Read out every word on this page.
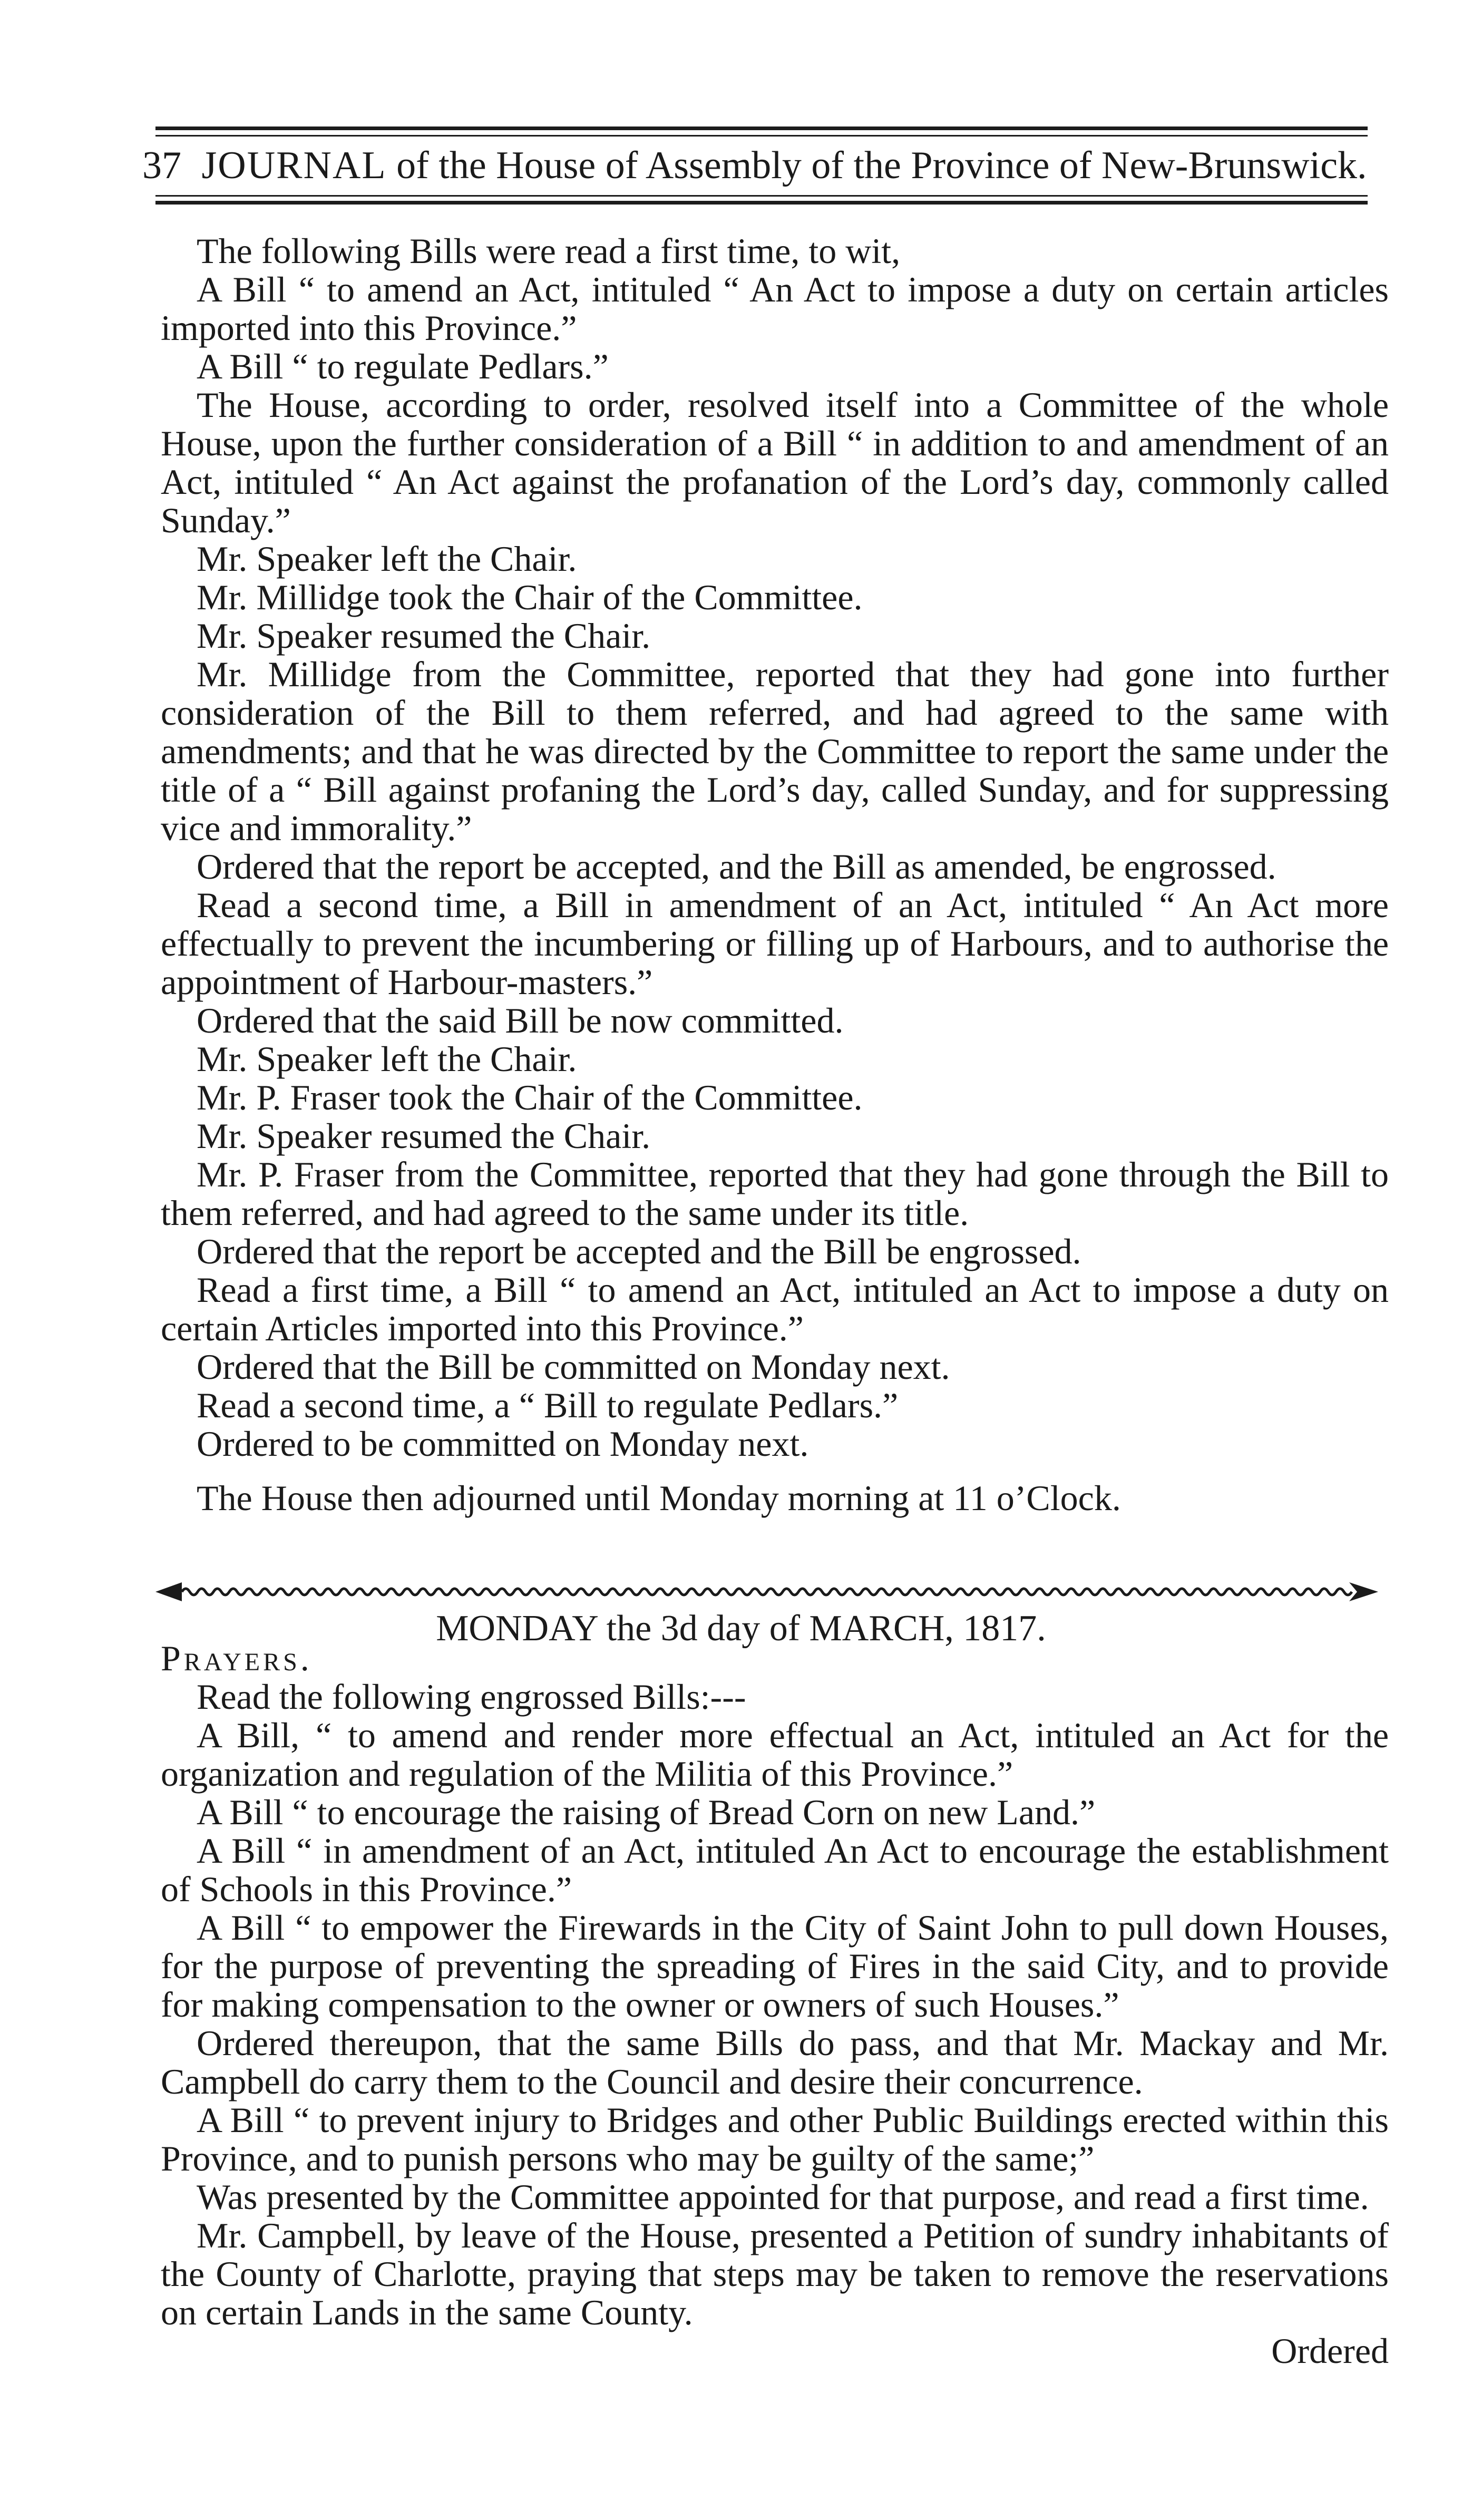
37 JOURNAL of the House of Assembly of the Province of New-Brunswick.

The following Bills were read a first time, to wit,

A Bill “ to amend an Act, intituled “ An Act to impose a duty on certain articles imported into this Province.”

A Bill “ to regulate Pedlars.”

The House, according to order, resolved itself into a Committee of the whole House, upon the further consideration of a Bill “ in addition to and amendment of an Act, intituled “ An Act against the profanation of the Lord’s day, commonly called Sunday.”

Mr. Speaker left the Chair.

Mr. Millidge took the Chair of the Committee.

Mr. Speaker resumed the Chair.

Mr. Millidge from the Committee, reported that they had gone into further consideration of the Bill to them referred, and had agreed to the same with amendments; and that he was directed by the Committee to report the same under the title of a “ Bill against profaning the Lord’s day, called Sunday, and for suppressing vice and immorality.”

Ordered that the report be accepted, and the Bill as amended, be engrossed.

Read a second time, a Bill in amendment of an Act, intituled “ An Act more effectually to prevent the incumbering or filling up of Harbours, and to authorise the appointment of Harbour-masters.”

Ordered that the said Bill be now committed.

Mr. Speaker left the Chair.

Mr. P. Fraser took the Chair of the Committee.

Mr. Speaker resumed the Chair.

Mr. P. Fraser from the Committee, reported that they had gone through the Bill to them referred, and had agreed to the same under its title.

Ordered that the report be accepted and the Bill be engrossed.

Read a first time, a Bill “ to amend an Act, intituled an Act to impose a duty on certain Articles imported into this Province.”

Ordered that the Bill be committed on Monday next.

Read a second time, a “ Bill to regulate Pedlars.”

Ordered to be committed on Monday next.

The House then adjourned until Monday morning at 11 o’Clock.

MONDAY the 3d day of MARCH, 1817.

Prayers.

Read the following engrossed Bills:---

A Bill, “ to amend and render more effectual an Act, intituled an Act for the organization and regulation of the Militia of this Province.”

A Bill “ to encourage the raising of Bread Corn on new Land.”

A Bill “ in amendment of an Act, intituled An Act to encourage the establishment of Schools in this Province.”

A Bill “ to empower the Firewards in the City of Saint John to pull down Houses, for the purpose of preventing the spreading of Fires in the said City, and to provide for making compensation to the owner or owners of such Houses.”

Ordered thereupon, that the same Bills do pass, and that Mr. Mackay and Mr. Campbell do carry them to the Council and desire their concurrence.

A Bill “ to prevent injury to Bridges and other Public Buildings erected within this Province, and to punish persons who may be guilty of the same;”

Was presented by the Committee appointed for that purpose, and read a first time.

Mr. Campbell, by leave of the House, presented a Petition of sundry inhabitants of the County of Charlotte, praying that steps may be taken to remove the reservations on certain Lands in the same County.

Ordered
